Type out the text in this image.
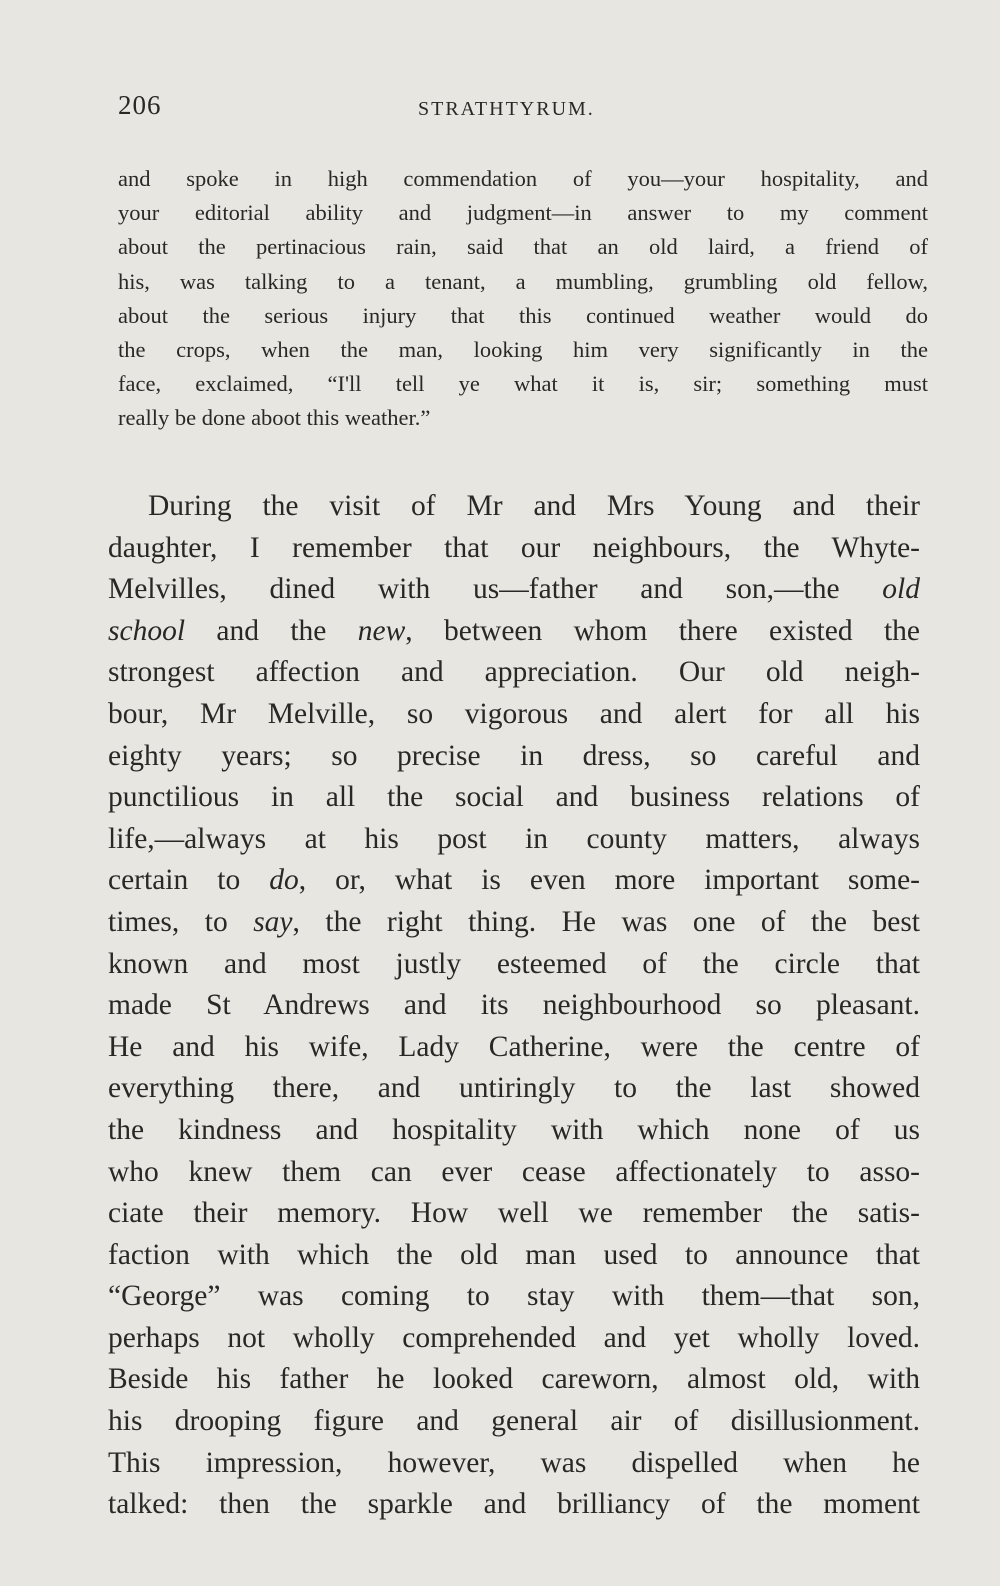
206	STRATHTYRUM.
and spoke in high commendation of you—your hospitality, and
your editorial ability and judgment—in answer to my comment
about the pertinacious rain, said that an old laird, a friend of
his, was talking to a tenant, a mumbling, grumbling old fellow,
about the serious injury that this continued weather would do
the crops, when the man, looking him very significantly in the
face, exclaimed, “I'll tell ye what it is, sir; something must
really be done aboot this weather.”
During the visit of Mr and Mrs Young and their
daughter, I remember that our neighbours, the Whyte-
Melvilles, dined with us—father and son,—the old
school and the new, between whom there existed the
strongest affection and appreciation. Our old neigh-
bour, Mr Melville, so vigorous and alert for all his
eighty years; so precise in dress, so careful and
punctilious in all the social and business relations of
life,—always at his post in county matters, always
certain to do, or, what is even more important some-
times, to say, the right thing. He was one of the best
known and most justly esteemed of the circle that
made St Andrews and its neighbourhood so pleasant.
He and his wife, Lady Catherine, were the centre of
everything there, and untiringly to the last showed
the kindness and hospitality with which none of us
who knew them can ever cease affectionately to asso-
ciate their memory. How well we remember the satis-
faction with which the old man used to announce that
“George” was coming to stay with them—that son,
perhaps not wholly comprehended and yet wholly loved.
Beside his father he looked careworn, almost old, with
his drooping figure and general air of disillusionment.
This impression, however, was dispelled when he
talked: then the sparkle and brilliancy of the moment
